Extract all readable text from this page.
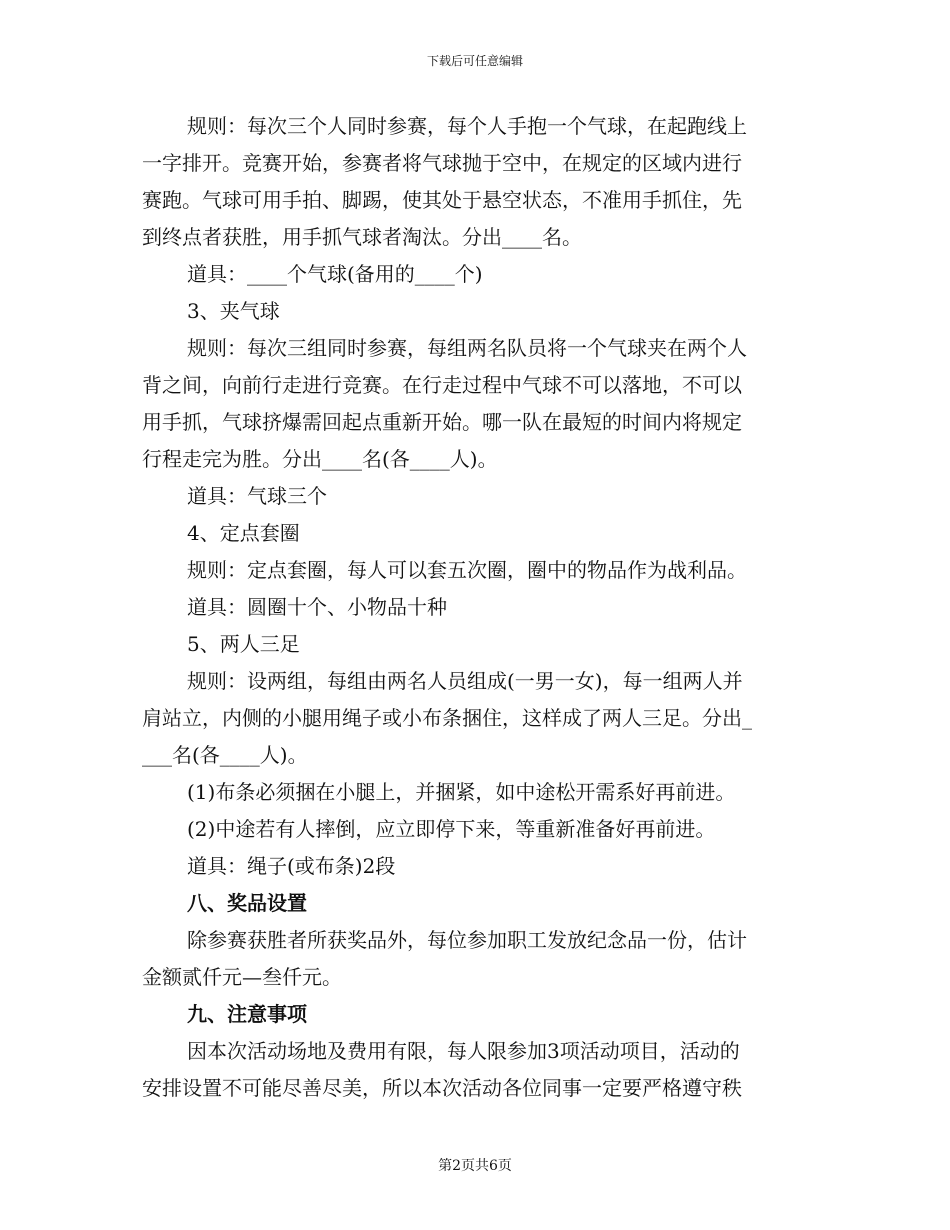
下载后可任意编辑
规则：每次三个人同时参赛，每个人手抱一个气球，在起跑线上
一字排开。竞赛开始，参赛者将气球抛于空中，在规定的区域内进行
赛跑。气球可用手拍、脚踢，使其处于悬空状态，不准用手抓住，先
到终点者获胜，用手抓气球者淘汰。分出____名。
道具：____个气球(备用的____个)
3、夹气球
规则：每次三组同时参赛，每组两名队员将一个气球夹在两个人
背之间，向前行走进行竞赛。在行走过程中气球不可以落地，不可以
用手抓，气球挤爆需回起点重新开始。哪一队在最短的时间内将规定
行程走完为胜。分出____名(各____人)。
道具：气球三个
4、定点套圈
规则：定点套圈，每人可以套五次圈，圈中的物品作为战利品。
道具：圆圈十个、小物品十种
5、两人三足
规则：设两组，每组由两名人员组成(一男一女)，每一组两人并
肩站立，内侧的小腿用绳子或小布条捆住，这样成了两人三足。分出_
___名(各____人)。
(1)布条必须捆在小腿上，并捆紧，如中途松开需系好再前进。
(2)中途若有人摔倒，应立即停下来，等重新准备好再前进。
道具：绳子(或布条)2段
八、奖品设置
除参赛获胜者所获奖品外，每位参加职工发放纪念品一份，估计
金额贰仟元—叁仟元。
九、注意事项
因本次活动场地及费用有限，每人限参加3项活动项目，活动的
安排设置不可能尽善尽美，所以本次活动各位同事一定要严格遵守秩
第2页共6页
